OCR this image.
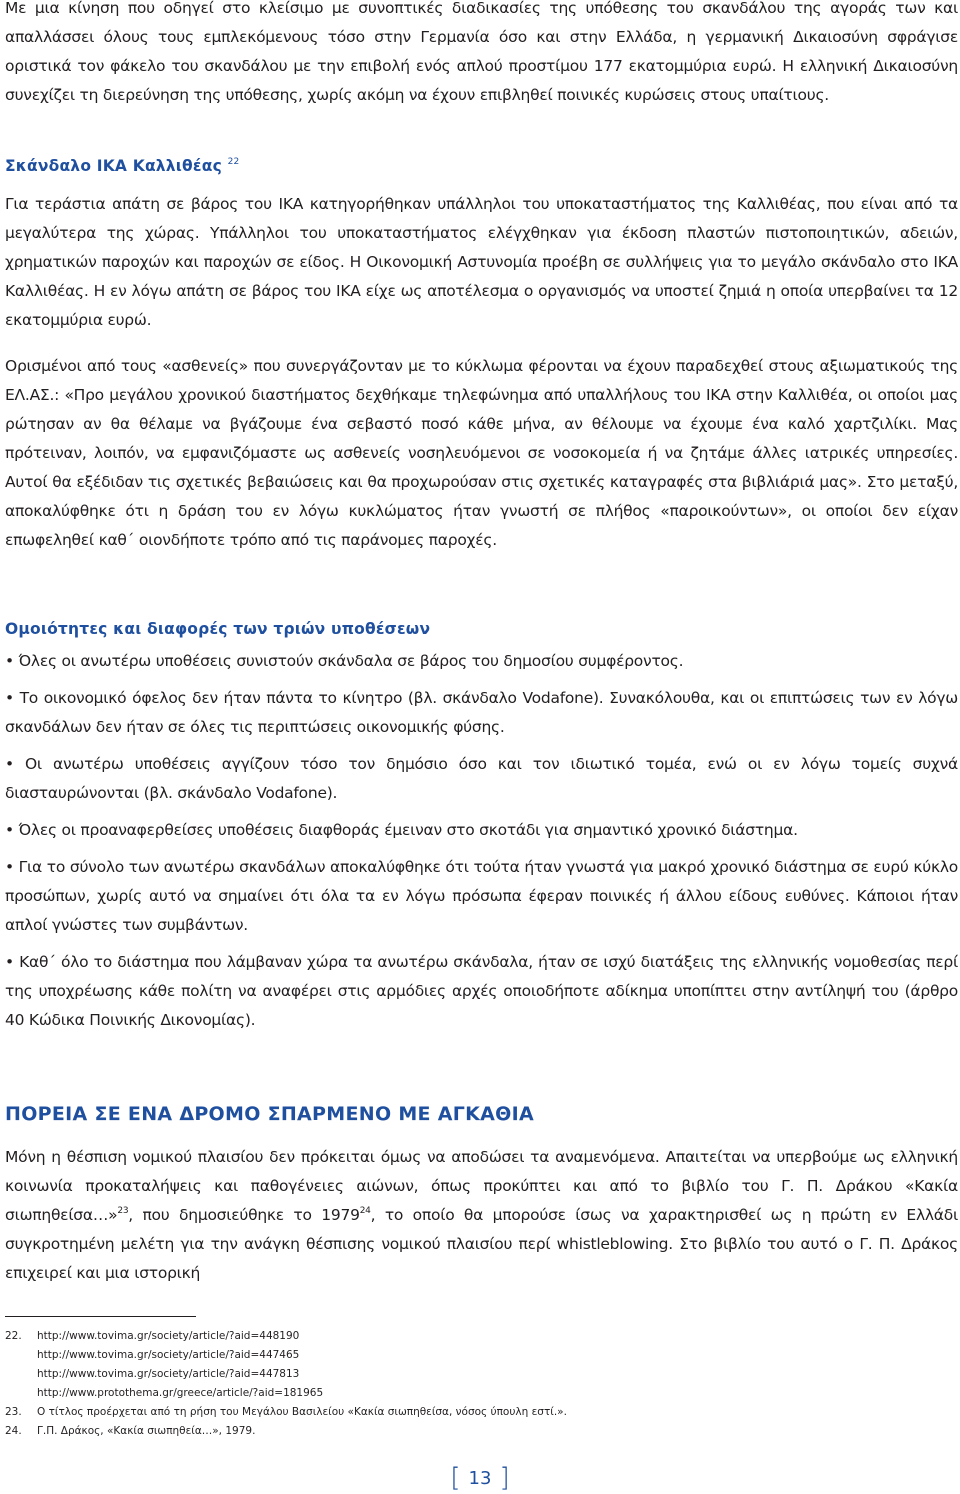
Με μια κίνηση που οδηγεί στο κλείσιμο με συνοπτικές διαδικασίες της υπόθεσης του σκανδάλου της αγοράς των και απαλλάσσει όλους τους εμπλεκόμενους τόσο στην Γερμανία όσο και στην Ελλάδα, η γερμανική Δικαιοσύνη σφράγισε οριστικά τον φάκελο του σκανδάλου με την επιβολή ενός απλού προστίμου 177 εκατομμύρια ευρώ. Η ελληνική Δικαιοσύνη συνεχίζει τη διερεύνηση της υπόθεσης, χωρίς ακόμη να έχουν επιβληθεί ποινικές κυρώσεις στους υπαίτιους.

Σκάνδαλο ΙΚΑ Καλλιθέας $^{22}$

Για τεράστια απάτη σε βάρος του ΙΚΑ κατηγορήθηκαν υπάλληλοι του υποκαταστήματος της Καλλιθέας, που είναι από τα μεγαλύτερα της χώρας. Υπάλληλοι του υποκαταστήματος ελέγχθηκαν για έκδοση πλαστών πιστοποιητικών, αδειών, χρηματικών παροχών και παροχών σε είδος. Η Οικονομική Αστυνομία προέβη σε συλλήψεις για το μεγάλο σκάνδαλο στο ΙΚΑ Καλλιθέας. Η εν λόγω απάτη σε βάρος του ΙΚΑ είχε ως αποτέλεσμα ο οργανισμός να υποστεί ζημιά η οποία υπερβαίνει τα 12 εκατομμύρια ευρώ.

Ορισμένοι από τους «ασθενείς» που συνεργάζονταν με το κύκλωμα φέρονται να έχουν παραδεχθεί στους αξιωματικούς της ΕΛ.ΑΣ.: «Προ μεγάλου χρονικού διαστήματος δεχθήκαμε τηλεφώνημα από υπαλλήλους του ΙΚΑ στην Καλλιθέα, οι οποίοι μας ρώτησαν αν θα θέλαμε να βγάζουμε ένα σεβαστό ποσό κάθε μήνα, αν θέλουμε να έχουμε ένα καλό χαρτζιλίκι. Μας πρότειναν, λοιπόν, να εμφανιζόμαστε ως ασθενείς νοσηλευόμενοι σε νοσοκομεία ή να ζητάμε άλλες ιατρικές υπηρεσίες. Αυτοί θα εξέδιδαν τις σχετικές βεβαιώσεις και θα προχωρούσαν στις σχετικές καταγραφές στα βιβλιάριά μας». Στο μεταξύ, αποκαλύφθηκε ότι η δράση του εν λόγω κυκλώματος ήταν γνωστή σε πλήθος «παροικούντων», οι οποίοι δεν είχαν επωφεληθεί καθ΄ οιονδήποτε τρόπο από τις παράνομες παροχές.

Ομοιότητες και διαφορές των τριών υποθέσεων
• Όλες οι ανωτέρω υποθέσεις συνιστούν σκάνδαλα σε βάρος του δημοσίου συμφέροντος.
• Το οικονομικό όφελος δεν ήταν πάντα το κίνητρο (βλ. σκάνδαλο Vodafone). Συνακόλουθα, και οι επιπτώσεις των εν λόγω σκανδάλων δεν ήταν σε όλες τις περιπτώσεις οικονομικής φύσης.
• Οι ανωτέρω υποθέσεις αγγίζουν τόσο τον δημόσιο όσο και τον ιδιωτικό τομέα, ενώ οι εν λόγω τομείς συχνά διασταυρώνονται (βλ. σκάνδαλο Vodafone).
• Όλες οι προαναφερθείσες υποθέσεις διαφθοράς έμειναν στο σκοτάδι για σημαντικό χρονικό διάστημα.
• Για το σύνολο των ανωτέρω σκανδάλων αποκαλύφθηκε ότι τούτα ήταν γνωστά για μακρό χρονικό διάστημα σε ευρύ κύκλο προσώπων, χωρίς αυτό να σημαίνει ότι όλα τα εν λόγω πρόσωπα έφεραν ποινικές ή άλλου είδους ευθύνες. Κάποιοι ήταν απλοί γνώστες των συμβάντων.
• Καθ΄ όλο το διάστημα που λάμβαναν χώρα τα ανωτέρω σκάνδαλα, ήταν σε ισχύ διατάξεις της ελληνικής νομοθεσίας περί της υποχρέωσης κάθε πολίτη να αναφέρει στις αρμόδιες αρχές οποιοδήποτε αδίκημα υποπίπτει στην αντίληψή του (άρθρο 40 Κώδικα Ποινικής Δικονομίας).
ΠΟΡΕΙΑ ΣΕ ΕΝΑ ΔΡΟΜΟ ΣΠΑΡΜΕΝΟ ΜΕ ΑΓΚΑΘΙΑ

Μόνη η θέσπιση νομικού πλαισίου δεν πρόκειται όμως να αποδώσει τα αναμενόμενα. Απαιτείται να υπερβούμε ως ελληνική κοινωνία προκαταλήψεις και παθογένειες αιώνων, όπως προκύπτει και από το βιβλίο του Γ. Π. Δράκου «Κακία σιωπηθείσα…»$^{23}$, που δημοσιεύθηκε το 1979$^{24}$, το οποίο θα μπορούσε ίσως να χαρακτηρισθεί ως η πρώτη εν Ελλάδι συγκροτημένη μελέτη για την ανάγκη θέσπισης νομικού πλαισίου περί whistleblowing. Στο βιβλίο του αυτό ο Γ. Π. Δράκος επιχειρεί και μια ιστορική

22.	http://www.tovima.gr/society/article/?aid=448190
http://www.tovima.gr/society/article/?aid=447465
http://www.tovima.gr/society/article/?aid=447813
http://www.protothema.gr/greece/article/?aid=181965
23.	Ο τίτλος προέρχεται από τη ρήση του Μεγάλου Βασιλείου «Κακία σιωπηθείσα, νόσος ύπουλη εστί.».
24.	Γ.Π. Δράκος, «Κακία σιωπηθεία…», 1979.
[ 13 ]
